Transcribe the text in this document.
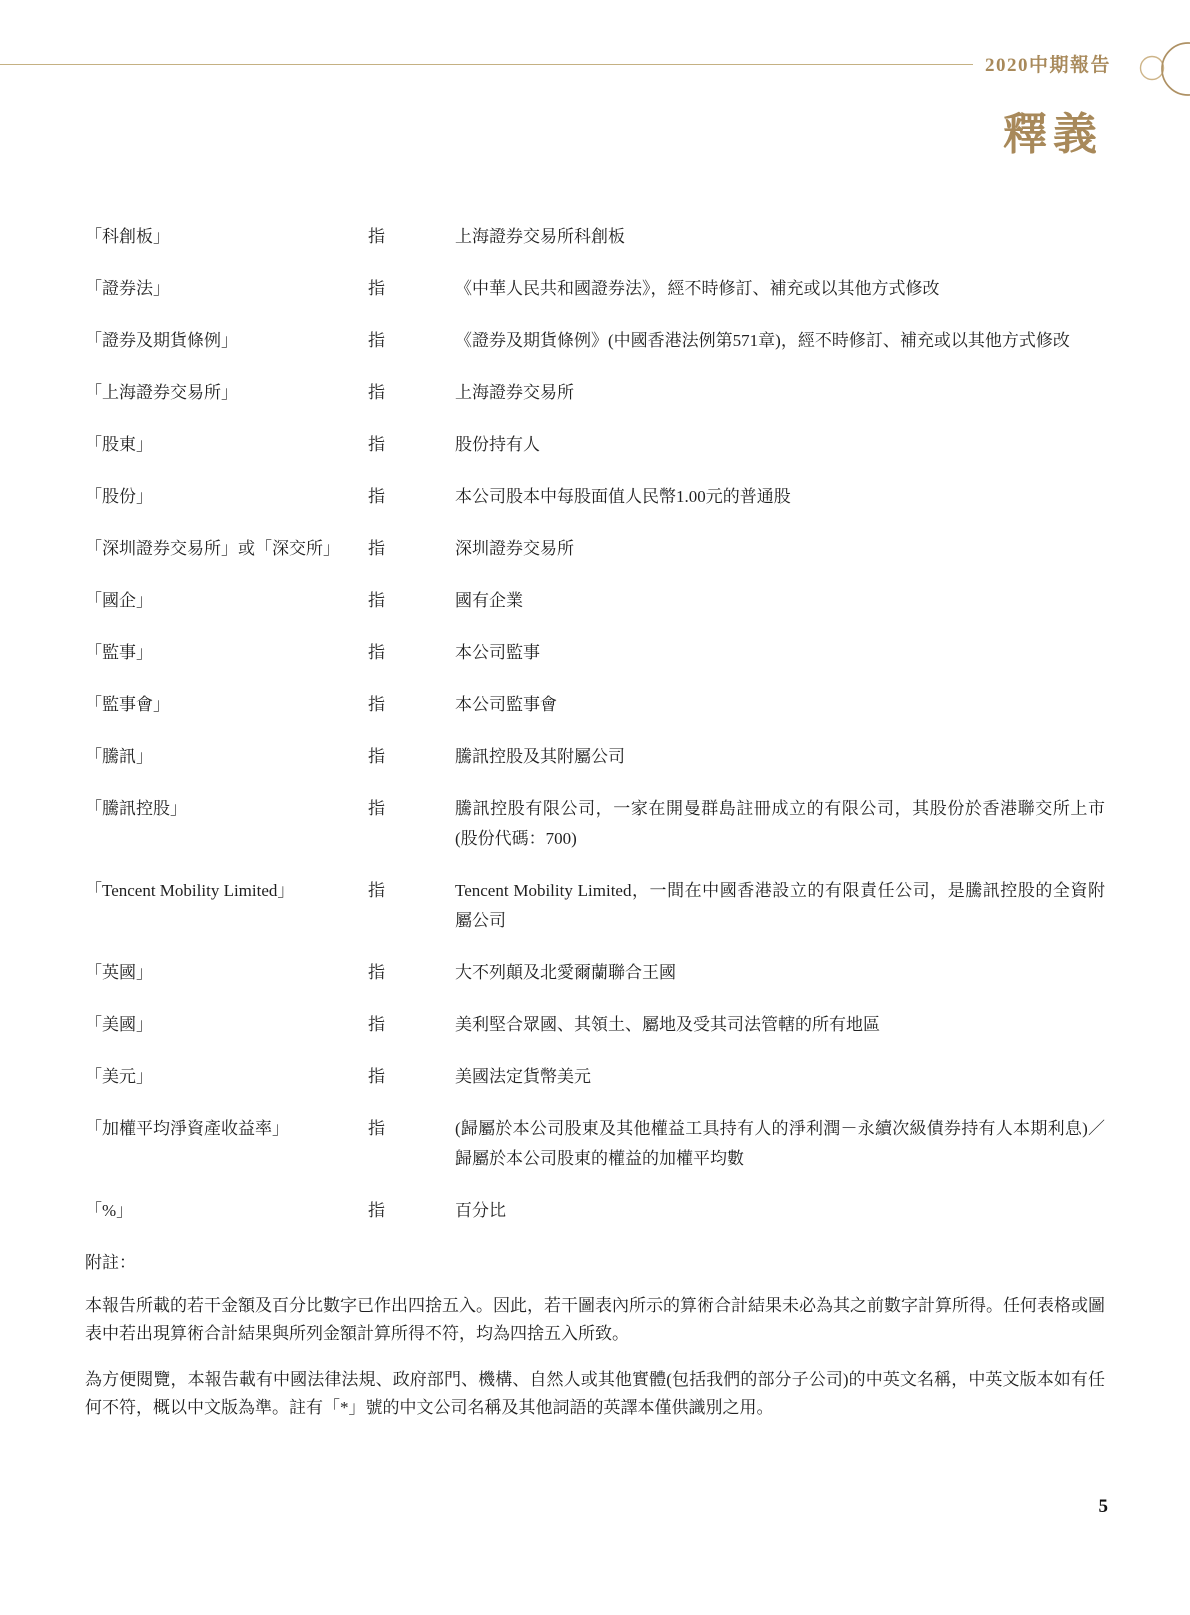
2020中期報告
釋義
「科創板」	指	上海證券交易所科創板
「證券法」	指	《中華人民共和國證券法》，經不時修訂、補充或以其他方式修改
「證券及期貨條例」	指	《證券及期貨條例》(中國香港法例第571章)，經不時修訂、補充或以其他方式修改
「上海證券交易所」	指	上海證券交易所
「股東」	指	股份持有人
「股份」	指	本公司股本中每股面值人民幣1.00元的普通股
「深圳證券交易所」或「深交所」	指	深圳證券交易所
「國企」	指	國有企業
「監事」	指	本公司監事
「監事會」	指	本公司監事會
「騰訊」	指	騰訊控股及其附屬公司
「騰訊控股」	指	騰訊控股有限公司，一家在開曼群島註冊成立的有限公司，其股份於香港聯交所上市(股份代碼：700)
「Tencent Mobility Limited」	指	Tencent Mobility Limited，一間在中國香港設立的有限責任公司，是騰訊控股的全資附屬公司
「英國」	指	大不列顛及北愛爾蘭聯合王國
「美國」	指	美利堅合眾國、其領土、屬地及受其司法管轄的所有地區
「美元」	指	美國法定貨幣美元
「加權平均淨資產收益率」	指	(歸屬於本公司股東及其他權益工具持有人的淨利潤－永續次級債券持有人本期利息)／歸屬於本公司股東的權益的加權平均數
「%」	指	百分比
附註：

本報告所載的若干金額及百分比數字已作出四捨五入。因此，若干圖表內所示的算術合計結果未必為其之前數字計算所得。任何表格或圖表中若出現算術合計結果與所列金額計算所得不符，均為四捨五入所致。

為方便閱覽，本報告載有中國法律法規、政府部門、機構、自然人或其他實體(包括我們的部分子公司)的中英文名稱，中英文版本如有任何不符，概以中文版為準。註有「*」號的中文公司名稱及其他詞語的英譯本僅供識別之用。

5
